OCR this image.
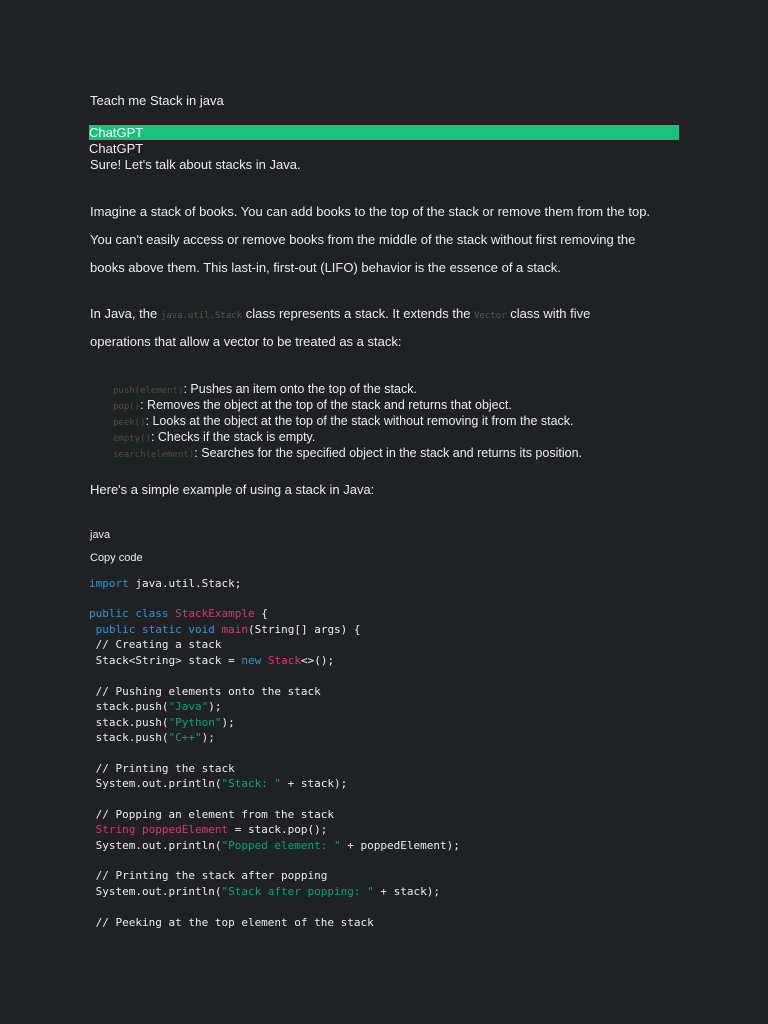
Teach me Stack in java
ChatGPT
ChatGPT
Sure! Let's talk about stacks in Java.
Imagine a stack of books. You can add books to the top of the stack or remove them from the top.
You can't easily access or remove books from the middle of the stack without first removing the
books above them. This last-in, first-out (LIFO) behavior is the essence of a stack.
In Java, the java.util.Stack class represents a stack. It extends the Vector class with five
operations that allow a vector to be treated as a stack:
push(element): Pushes an item onto the top of the stack.
pop(): Removes the object at the top of the stack and returns that object.
peek(): Looks at the object at the top of the stack without removing it from the stack.
empty(): Checks if the stack is empty.
search(element): Searches for the specified object in the stack and returns its position.
Here's a simple example of using a stack in Java:
java
Copy code
import java.util.Stack;
public class StackExample {
public static void main(String[] args) {
// Creating a stack
Stack<String> stack = new Stack<>();
// Pushing elements onto the stack
stack.push("Java");
stack.push("Python");
stack.push("C++");
// Printing the stack
System.out.println("Stack: " + stack);
// Popping an element from the stack
String poppedElement = stack.pop();
System.out.println("Popped element: " + poppedElement);
// Printing the stack after popping
System.out.println("Stack after popping: " + stack);
// Peeking at the top element of the stack
